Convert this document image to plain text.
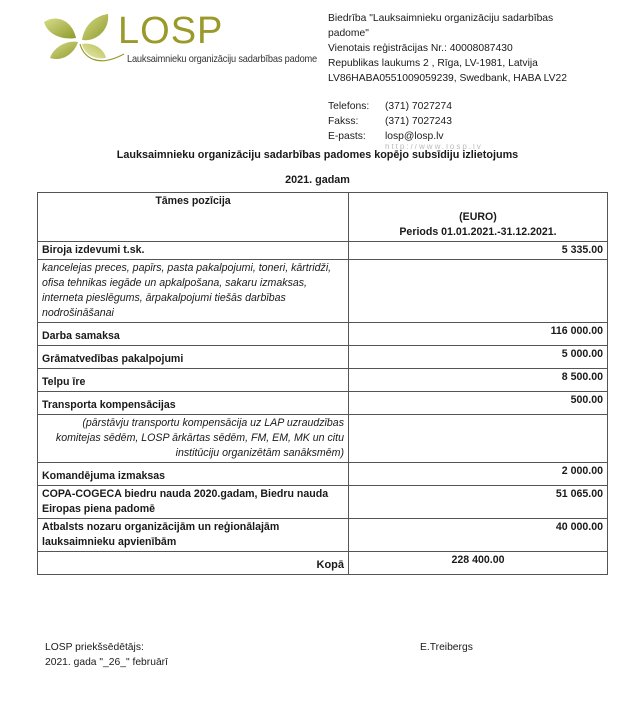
LOSP
Lauksaimnieku organizāciju sadarbības padome
Biedrība "Lauksaimnieku organizāciju sadarbības
padome"
Vienotais reģistrācijas Nr.: 40008087430
Republikas laukums 2 , Rīga, LV-1981, Latvija
LV86HABA0551009059239, Swedbank, HABA LV22
Telefons:	(371) 7027274
Fakss:	(371) 7027243
E-pasts:	losp@losp.lv
http://www.losp.lv
Lauksaimnieku organizāciju sadarbības padomes kopējo subsīdiju izlietojums
2021. gadam
Tāmes pozīcija	(EURO)
Periods 01.01.2021.-31.12.2021.

Biroja izdevumi t.sk.	5 335.00
kancelejas preces, papīrs, pasta pakalpojumi, toneri, kārtridži, ofisa tehnikas iegāde un apkalpošana, sakaru izmaksas, interneta pieslēgums, ārpakalpojumi tiešās darbības nodrošināšanai	
Darba samaksa	116 000.00
Grāmatvedības pakalpojumi	5 000.00
Telpu īre	8 500.00
Transporta kompensācijas	500.00
(pārstāvju transportu kompensācija uz LAP uzraudzības komitejas sēdēm, LOSP ārkārtas sēdēm, FM, EM, MK un citu institūciju organizētām sanāksmēm)	
Komandējuma izmaksas	2 000.00
COPA-COGECA biedru nauda 2020.gadam, Biedru nauda Eiropas piena padomē	51 065.00
Atbalsts nozaru organizācijām un reģionālajām lauksaimnieku apvienībām	40 000.00
Kopā	228 400.00
LOSP priekšsēdētājs:
2021. gada "_26_" februārī
E.Treibergs
